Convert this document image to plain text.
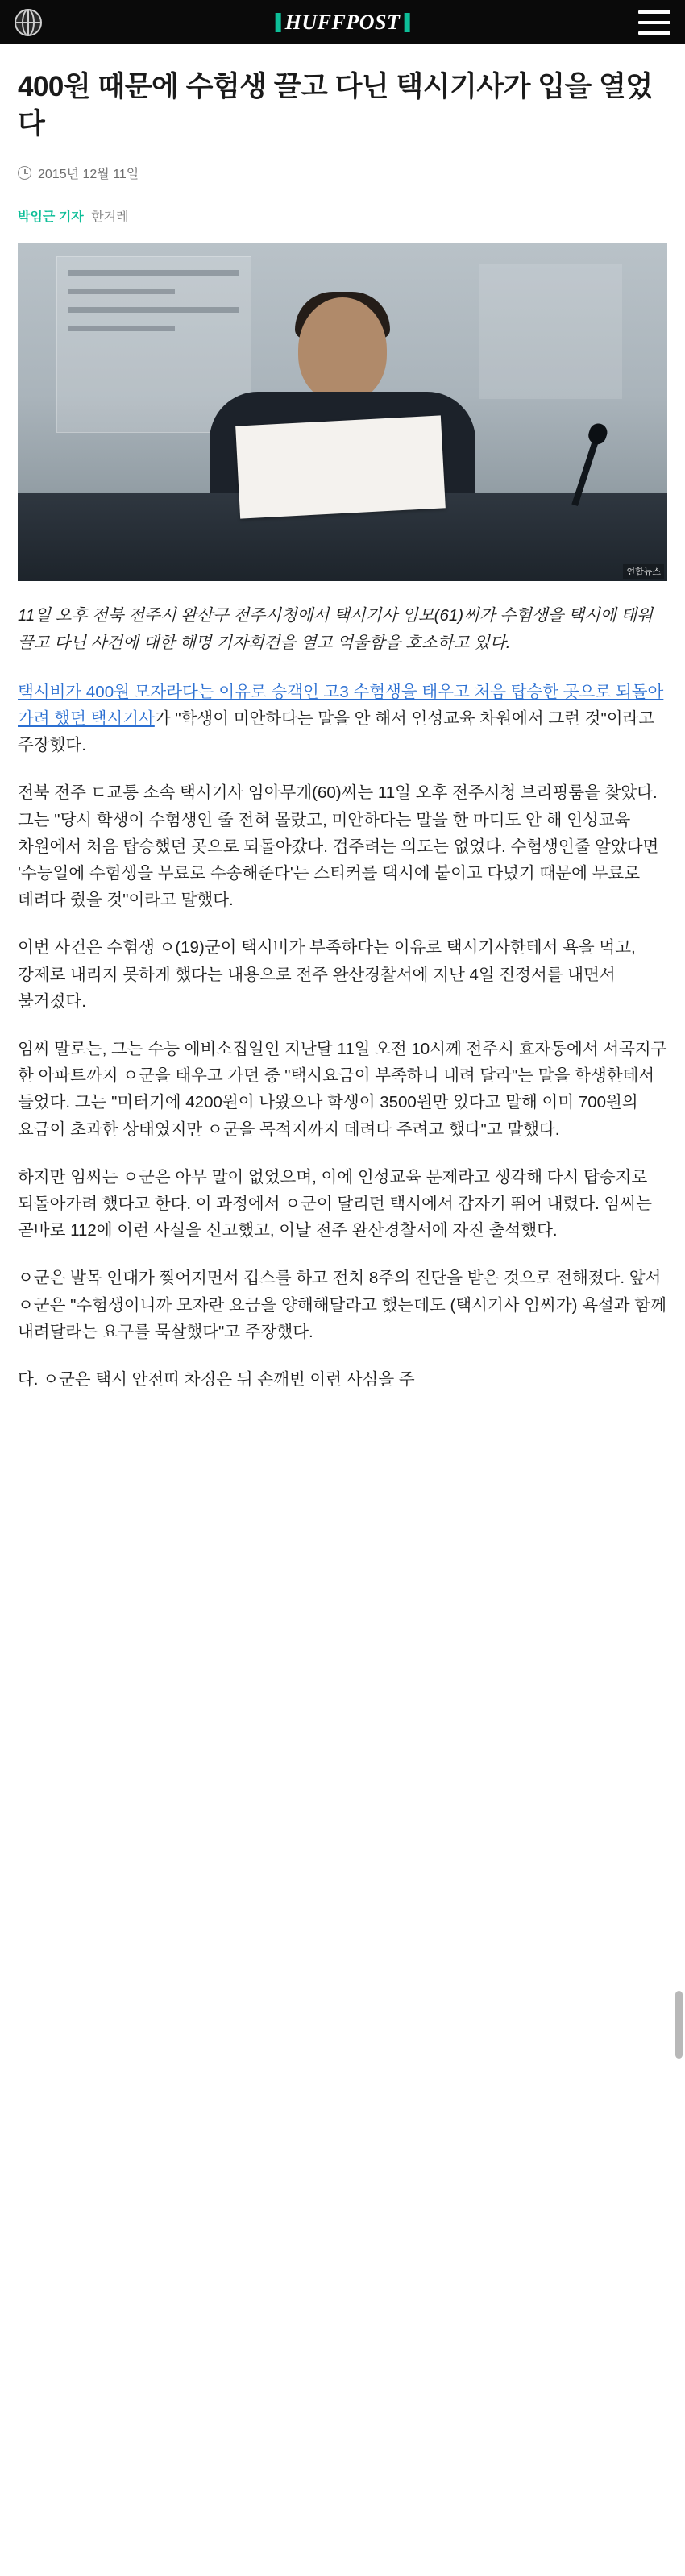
HUFFPOST
400원 때문에 수험생 끌고 다닌 택시기사가 입을 열었다
2015년 12월 11일
박임근 기자 한겨레
연합뉴스

11일 오후 전북 전주시 완산구 전주시청에서 택시기사 임모(61)씨가 수험생을 택시에 태워 끌고 다닌 사건에 대한 해명 기자회견을 열고 억울함을 호소하고 있다.

택시비가 400원 모자라다는 이유로 승객인 고3 수험생을 태우고 처음 탑승한 곳으로 되돌아가려 했던 택시기사가 "학생이 미안하다는 말을 안 해서 인성교육 차원에서 그런 것"이라고 주장했다.

전북 전주 ㄷ교통 소속 택시기사 임아무개(60)씨는 11일 오후 전주시청 브리핑룸을 찾았다. 그는 "당시 학생이 수험생인 줄 전혀 몰랐고, 미안하다는 말을 한 마디도 안 해 인성교육 차원에서 처음 탑승했던 곳으로 되돌아갔다. 겁주려는 의도는 없었다. 수험생인줄 알았다면 '수능일에 수험생을 무료로 수송해준다'는 스티커를 택시에 붙이고 다녔기 때문에 무료로 데려다 줬을 것"이라고 말했다.

이번 사건은 수험생 ㅇ(19)군이 택시비가 부족하다는 이유로 택시기사한테서 욕을 먹고, 강제로 내리지 못하게 했다는 내용으로 전주 완산경찰서에 지난 4일 진정서를 내면서 불거졌다.

임씨 말로는, 그는 수능 예비소집일인 지난달 11일 오전 10시께 전주시 효자동에서 서곡지구 한 아파트까지 ㅇ군을 태우고 가던 중 "택시요금이 부족하니 내려 달라"는 말을 학생한테서 들었다. 그는 "미터기에 4200원이 나왔으나 학생이 3500원만 있다고 말해 이미 700원의 요금이 초과한 상태였지만 ㅇ군을 목적지까지 데려다 주려고 했다"고 말했다.

하지만 임씨는 ㅇ군은 아무 말이 없었으며, 이에 인성교육 문제라고 생각해 다시 탑승지로 되돌아가려 했다고 한다. 이 과정에서 ㅇ군이 달리던 택시에서 갑자기 뛰어 내렸다. 임씨는 곧바로 112에 이런 사실을 신고했고, 이날 전주 완산경찰서에 자진 출석했다.

ㅇ군은 발목 인대가 찢어지면서 깁스를 하고 전치 8주의 진단을 받은 것으로 전해졌다. 앞서 ㅇ군은 "수험생이니까 모자란 요금을 양해해달라고 했는데도 (택시기사 임씨가) 욕설과 함께 내려달라는 요구를 묵살했다"고 주장했다.

다. ㅇ군은 택시 안전띠 차징은 뒤 손깨빈 이런 사심을 주
